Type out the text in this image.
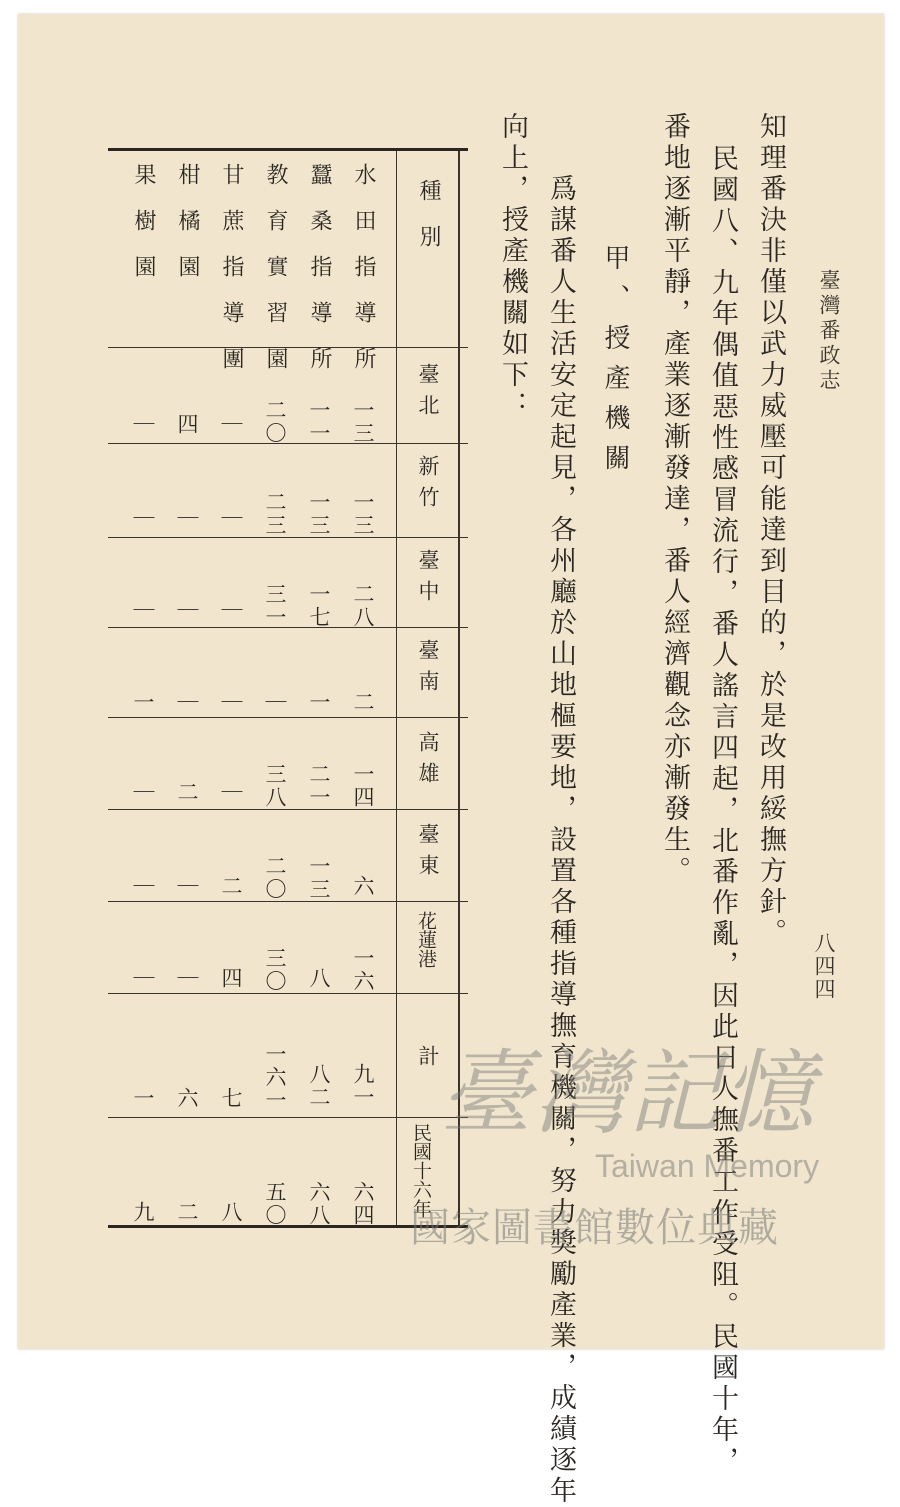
臺灣番政志
八四四
知理番決非僅以武力威壓可能達到目的，於是改用綏撫方針。
民國八、九年偶值惡性感冒流行，番人謠言四起，北番作亂，因此日人撫番工作受阻。民國十年，
番地逐漸平靜，產業逐漸發達，番人經濟觀念亦漸發生。
甲、授產機關
爲謀番人生活安定起見，各州廳於山地樞要地，設置各種指導撫育機關，努力獎勵產業，成績逐年
向上，授產機關如下：
種別
水田指導所
蠶桑指導所
教育實習園
甘蔗指導團
柑橘園
果樹園
臺北
一三
一一
二〇
｜
四
｜
新竹
一三
一三
二三
｜
｜
｜
臺中
二八
一七
三一
｜
｜
｜
臺南
二
一
｜
｜
｜
一
高雄
一四
二一
三八
｜
二
｜
臺東
六
一三
二〇
二
｜
｜
花蓮港
一六
八
三〇
四
｜
｜
計
九一
八二
一六一
七
六
一
民國十六年
六四
六八
五〇
八
二
九
臺灣記憶
Taiwan Memory
國家圖書館數位典藏
